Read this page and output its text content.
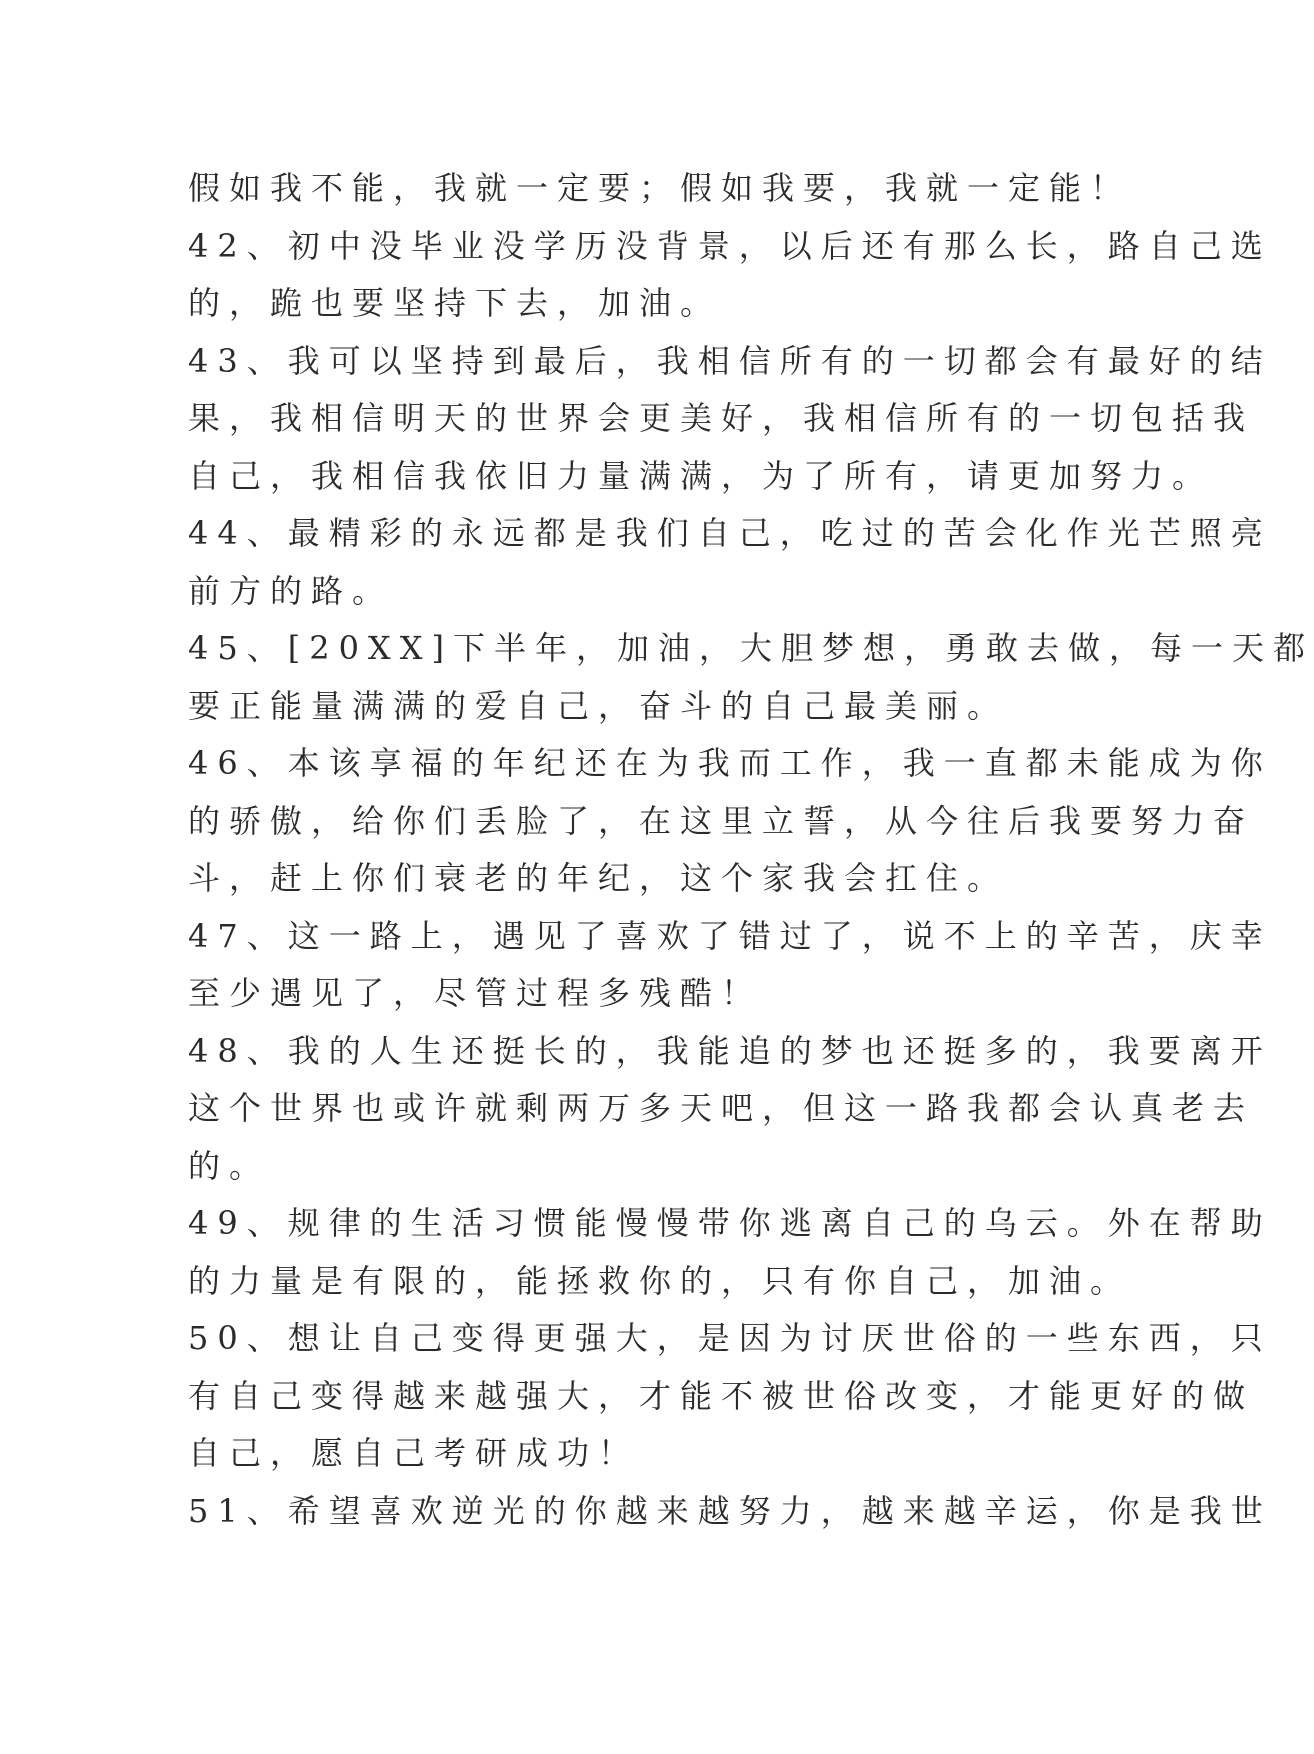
假如我不能，我就一定要；假如我要，我就一定能！
42、初中没毕业没学历没背景，以后还有那么长，路自己选
的，跪也要坚持下去，加油。
43、我可以坚持到最后，我相信所有的一切都会有最好的结
果，我相信明天的世界会更美好，我相信所有的一切包括我
自己，我相信我依旧力量满满，为了所有，请更加努力。
44、最精彩的永远都是我们自己，吃过的苦会化作光芒照亮
前方的路。
45、[20XX]下半年，加油，大胆梦想，勇敢去做，每一天都
要正能量满满的爱自己，奋斗的自己最美丽。
46、本该享福的年纪还在为我而工作，我一直都未能成为你
的骄傲，给你们丢脸了，在这里立誓，从今往后我要努力奋
斗，赶上你们衰老的年纪，这个家我会扛住。
47、这一路上，遇见了喜欢了错过了，说不上的辛苦，庆幸
至少遇见了，尽管过程多残酷！
48、我的人生还挺长的，我能追的梦也还挺多的，我要离开
这个世界也或许就剩两万多天吧，但这一路我都会认真老去
的。
49、规律的生活习惯能慢慢带你逃离自己的乌云。外在帮助
的力量是有限的，能拯救你的，只有你自己，加油。
50、想让自己变得更强大，是因为讨厌世俗的一些东西，只
有自己变得越来越强大，才能不被世俗改变，才能更好的做
自己，愿自己考研成功！
51、希望喜欢逆光的你越来越努力，越来越辛运，你是我世
